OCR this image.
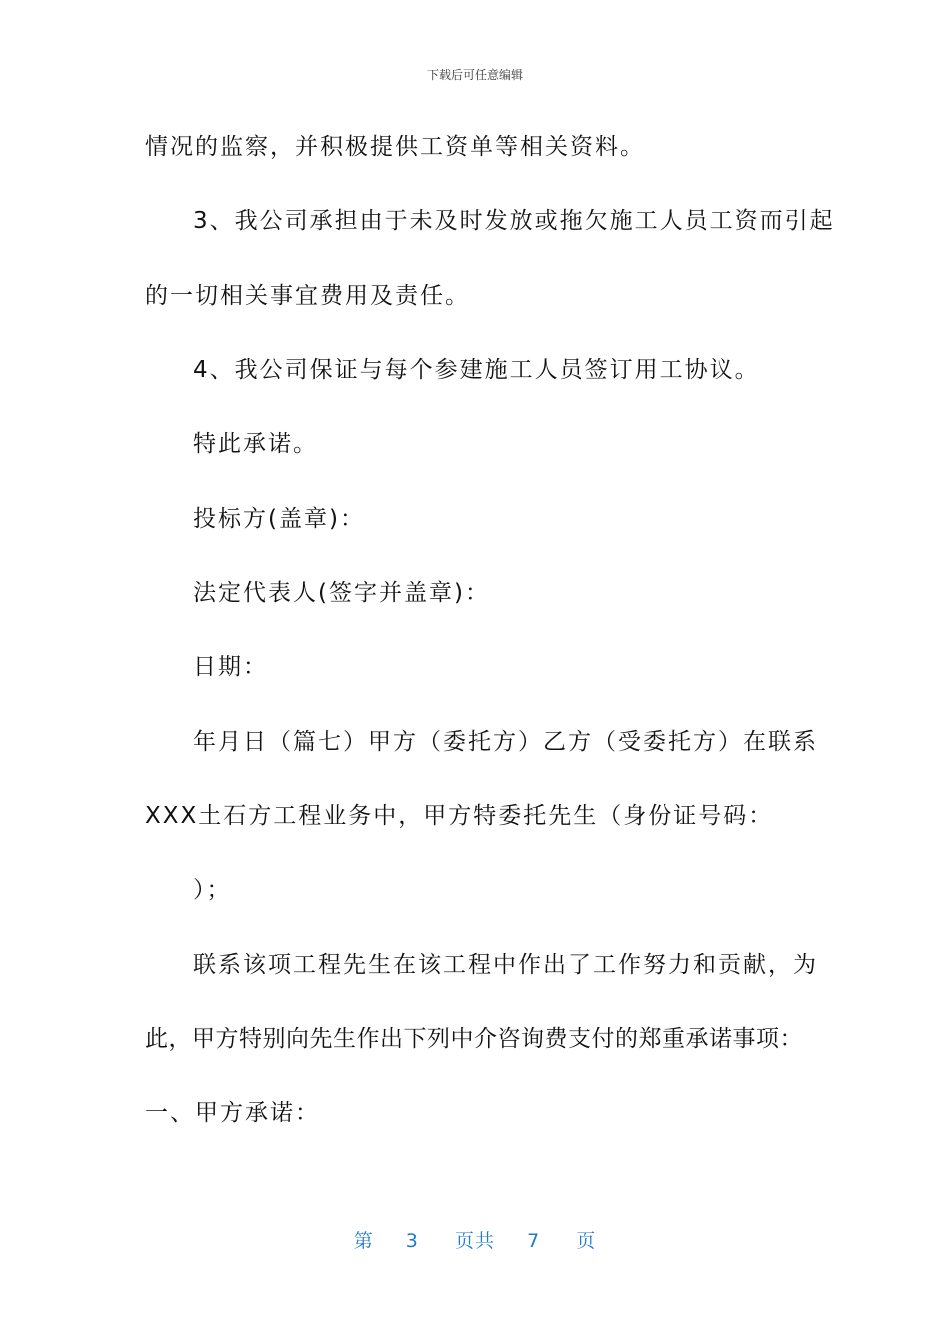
下载后可任意编辑
情况的监察，并积极提供工资单等相关资料。
3、我公司承担由于未及时发放或拖欠施工人员工资而引起
的一切相关事宜费用及责任。
4、我公司保证与每个参建施工人员签订用工协议。
特此承诺。
投标方(盖章)：
法定代表人(签字并盖章)：
日期：
年月日（篇七）甲方（委托方）乙方（受委托方）在联系
XXX土石方工程业务中，甲方特委托先生（身份证号码：
）；
联系该项工程先生在该工程中作出了工作努力和贡献，为
此，甲方特别向先生作出下列中介咨询费支付的郑重承诺事项：
一、甲方承诺：
第 3 页共 7 页
